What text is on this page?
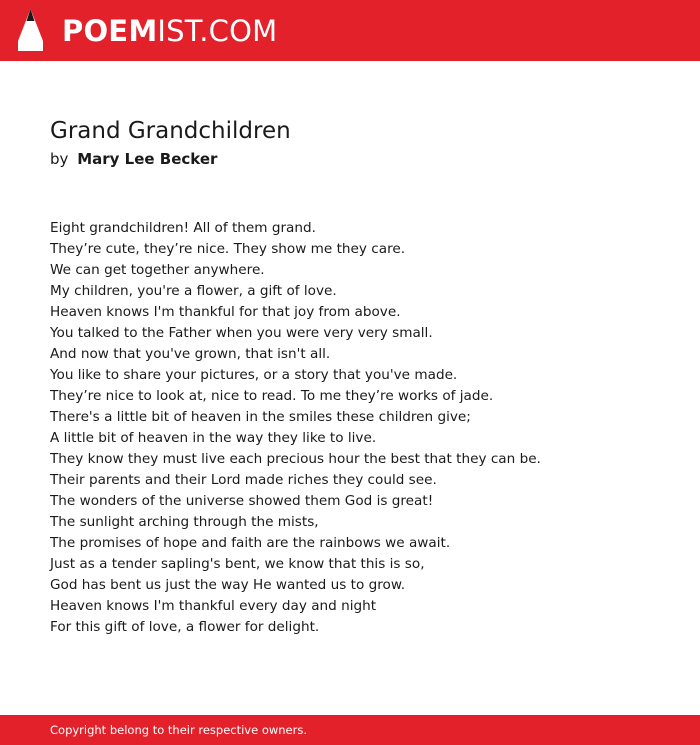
POEMIST.COM
Grand Grandchildren
by Mary Lee Becker
Eight grandchildren! All of them grand.
They’re cute, they’re nice. They show me they care.
We can get together anywhere.
My children, you're a flower, a gift of love.
Heaven knows I'm thankful for that joy from above.
You talked to the Father when you were very very small.
And now that you've grown, that isn't all.
You like to share your pictures, or a story that you've made.
They’re nice to look at, nice to read. To me they’re works of jade.
There's a little bit of heaven in the smiles these children give;
A little bit of heaven in the way they like to live.
They know they must live each precious hour the best that they can be.
Their parents and their Lord made riches they could see.
The wonders of the universe showed them God is great!
The sunlight arching through the mists,
The promises of hope and faith are the rainbows we await.
Just as a tender sapling's bent, we know that this is so,
God has bent us just the way He wanted us to grow.
Heaven knows I'm thankful every day and night
For this gift of love, a flower for delight.
Copyright belong to their respective owners.
